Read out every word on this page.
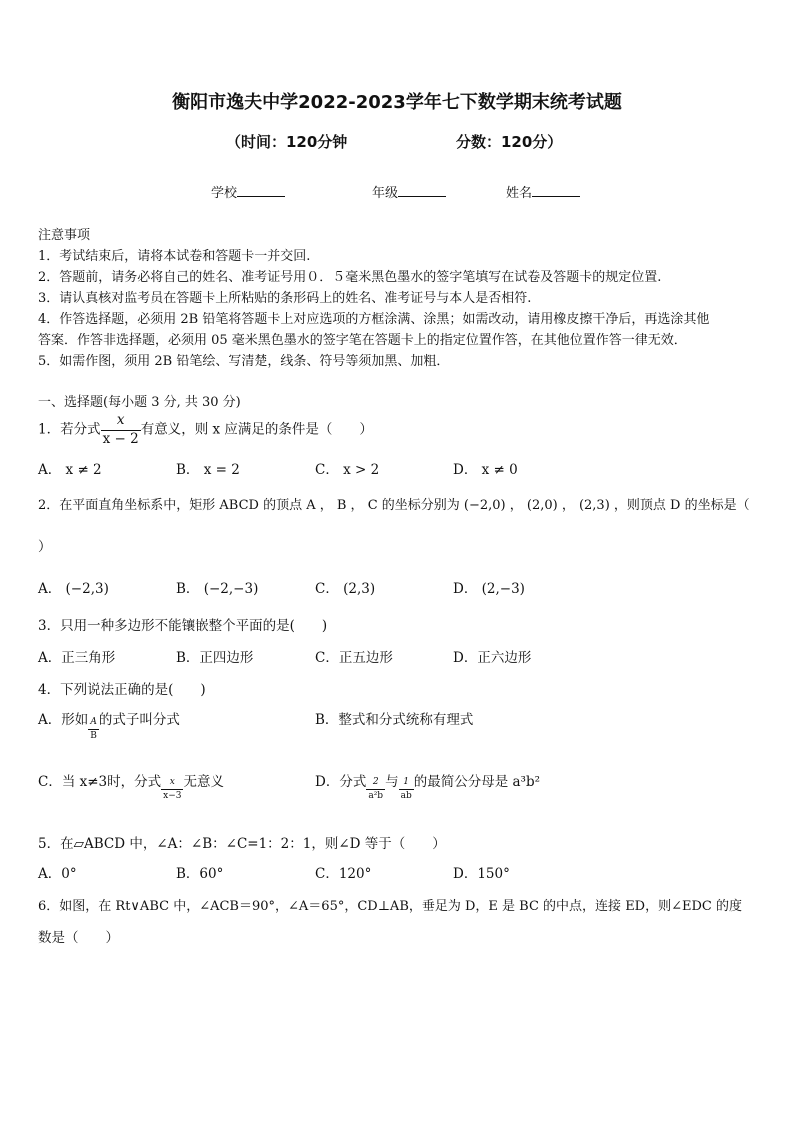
衡阳市逸夫中学2022-2023学年七下数学期末统考试题
（时间：120分钟	分数：120分）
学校	年级	姓名
注意事项
1．考试结束后，请将本试卷和答题卡一并交回.
2．答题前，请务必将自己的姓名、准考证号用０．５毫米黑色墨水的签字笔填写在试卷及答题卡的规定位置.
3．请认真核对监考员在答题卡上所粘贴的条形码上的姓名、准考证号与本人是否相符.
4．作答选择题，必须用 2B 铅笔将答题卡上对应选项的方框涂满、涂黑；如需改动，请用橡皮擦干净后，再选涂其他
答案．作答非选择题，必须用 05 毫米黑色墨水的签字笔在答题卡上的指定位置作答，在其他位置作答一律无效．
5．如需作图，须用 2B 铅笔绘、写清楚，线条、符号等须加黑、加粗．
一、选择题(每小题 3 分, 共 30 分)
1．若分式 $\frac{x}{x - 2}$ 有意义，则 x 应满足的条件是（　　）
A． x ≠ 2	B． x = 2	C． x > 2	D． x ≠ 0
2．在平面直角坐标系中，矩形 ABCD 的顶点 A ， B ， C 的坐标分别为 (−2,0) ， (2,0) ， (2,3) ，则顶点 D 的坐标是（
）
A． (−2,3)	B． (−2,−3)	C． (2,3)	D． (2,−3)
3．只用一种多边形不能镶嵌整个平面的是(　　)
A．正三角形	B．正四边形	C．正五边形	D．正六边形
4．下列说法正确的是(　　)
A．形如 $\frac{A}{B}$ 的式子叫分式	B．整式和分式统称有理式
C．当 x≠3时，分式 $\frac{x}{x-3}$ 无意义	D．分式 $\frac{2}{\text{a²b}}$ 与 $\frac{1}{ab}$ 的最简公分母是 a³b²
5．在▱ABCD 中，∠A：∠B：∠C=1：2：1，则∠D 等于（　　）
A．0°	B．60°	C．120°	D．150°
6．如图，在 Rt∨ABC 中，∠ACB＝90°，∠A＝65°，CD⊥AB，垂足为 D，E 是 BC 的中点，连接 ED，则∠EDC 的度
数是（　　）
